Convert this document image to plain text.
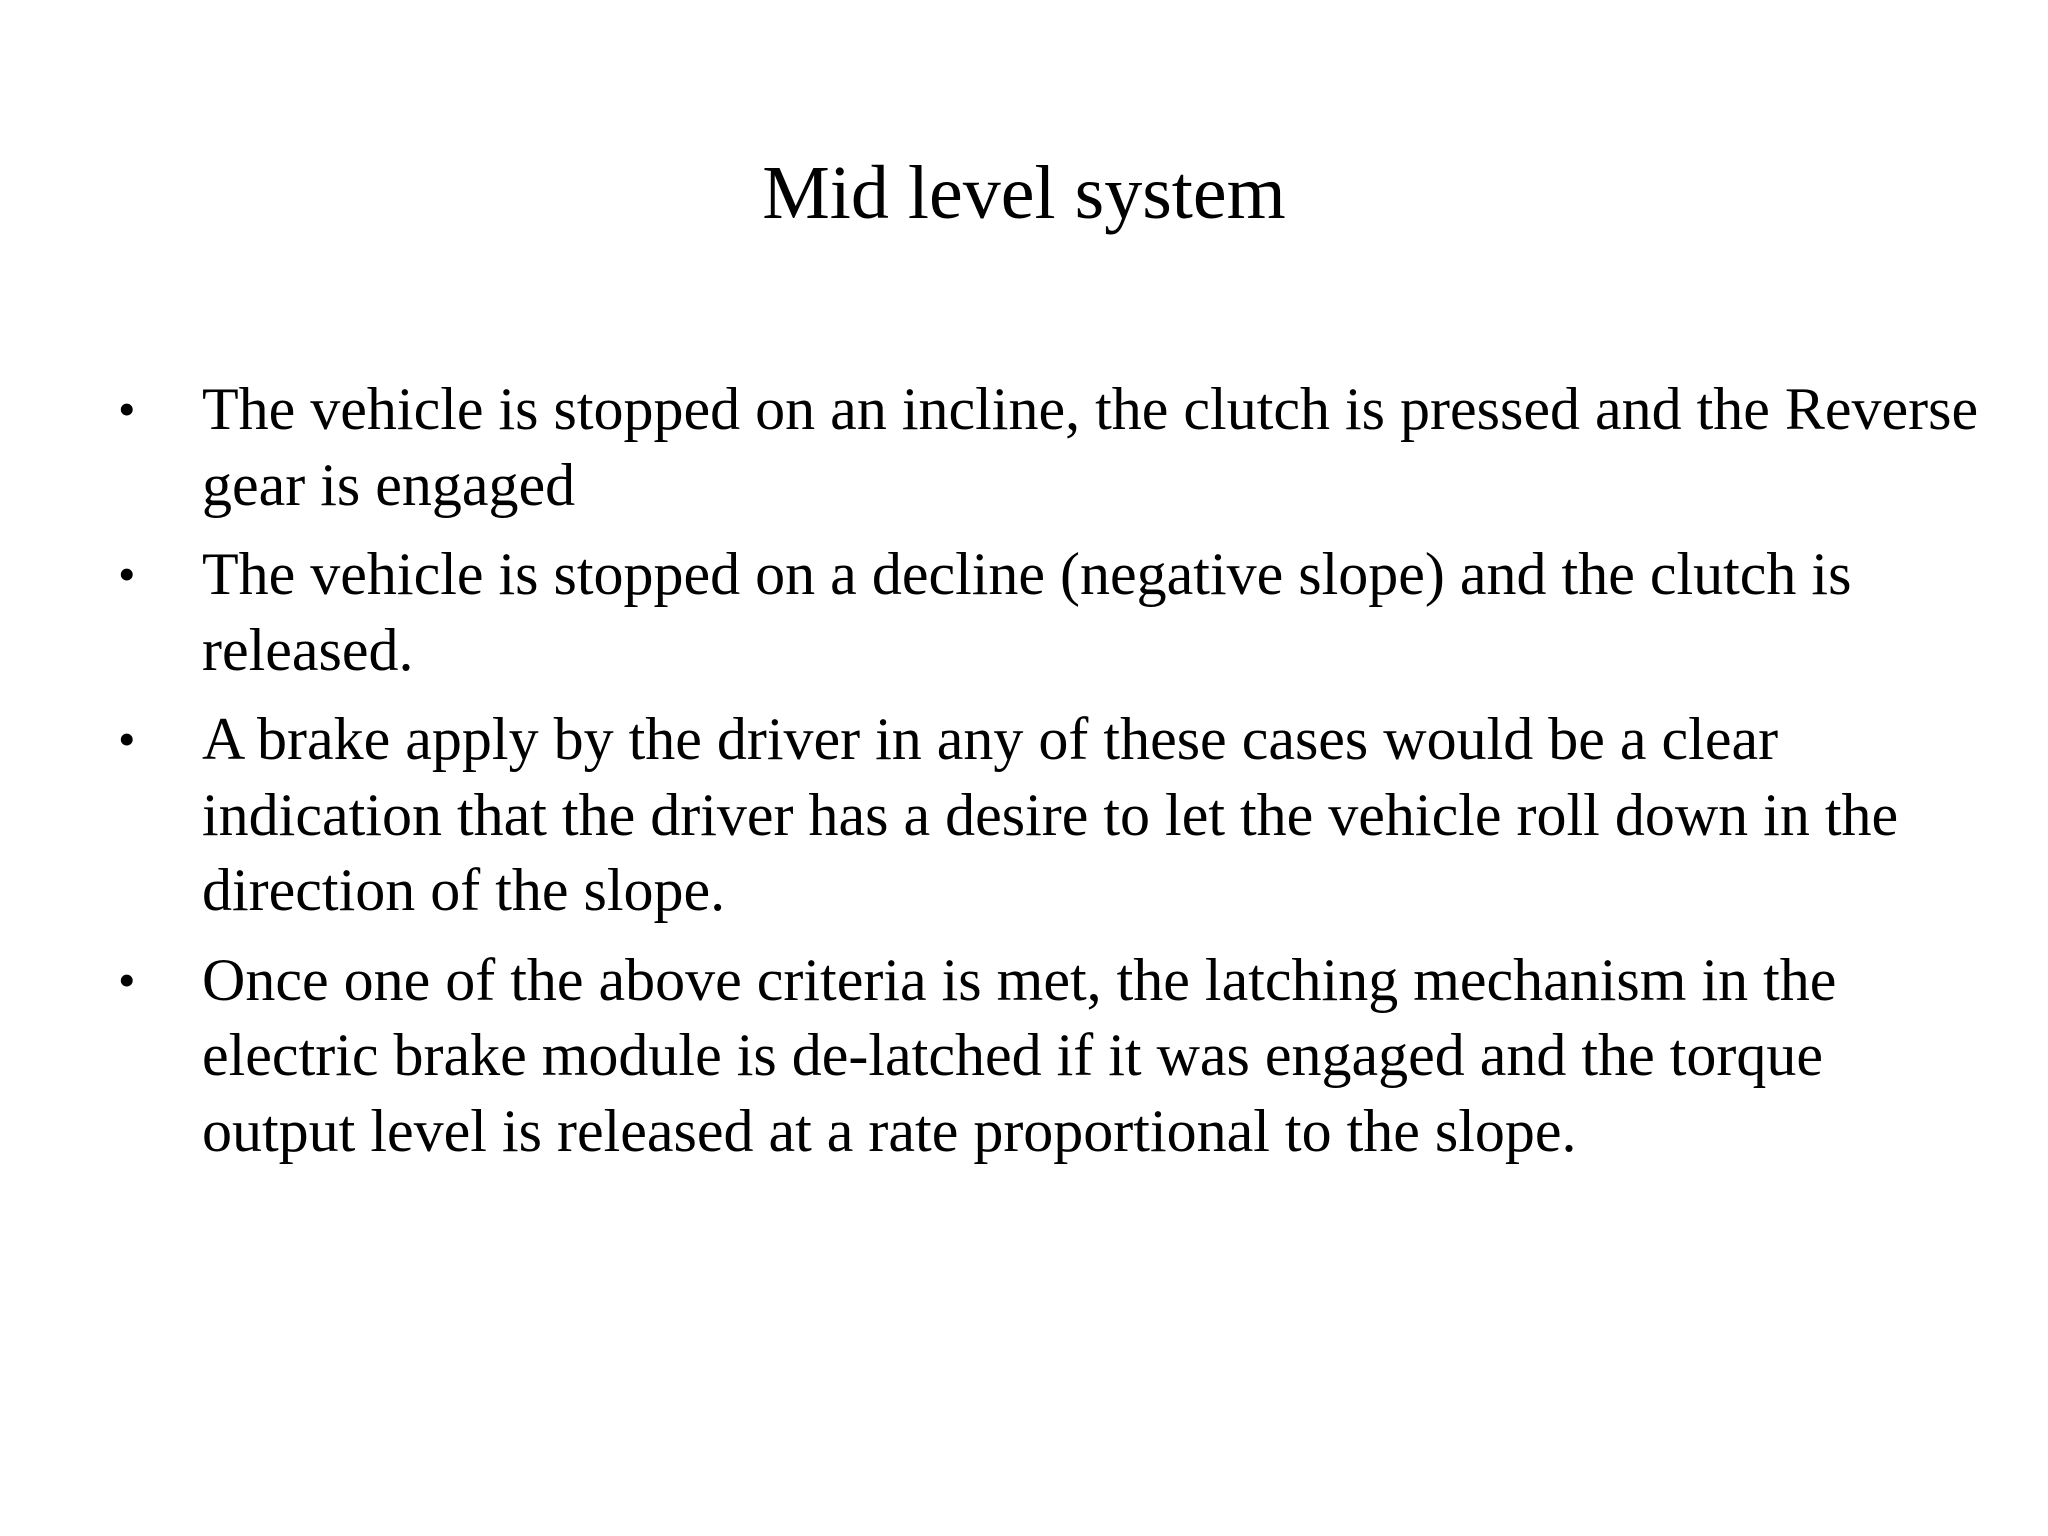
Mid level system
• The vehicle is stopped on an incline, the clutch is pressed and the Reverse gear is engaged
• The vehicle is stopped on a decline (negative slope) and the clutch is released.
• A brake apply by the driver in any of these cases would be a clear indication that the driver has a desire to let the vehicle roll down in the direction of the slope.
• Once one of the above criteria is met, the latching mechanism in the electric brake module is de-latched if it was engaged and the torque output level is released at a rate proportional to the slope.
